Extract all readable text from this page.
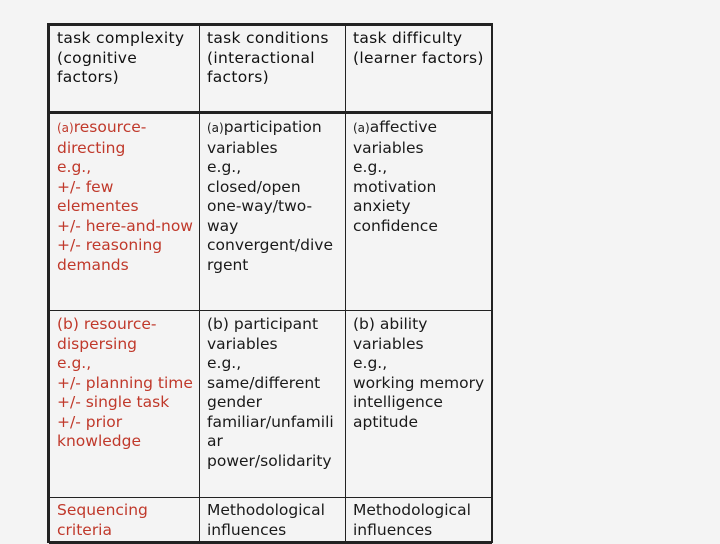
task complexity (cognitive factors)	task conditions (interactional factors)	task difficulty (learner factors)

(a)resource-directing
e.g.,
+/- few elementes
+/- here-and-now
+/- reasoning demands	(a)participation variables
e.g.,
closed/open
one-way/two-way
convergent/divergent	(a)affective variables
e.g.,
motivation
anxiety
confidence

(b) resource-dispersing
e.g.,
+/- planning time
+/- single task
+/- prior knowledge	(b) participant variables
e.g.,
same/different gender
familiar/unfamiliar
power/solidarity	(b) ability variables
e.g.,
working memory
intelligence
aptitude

Sequencing criteria	Methodological influences	Methodological influences
